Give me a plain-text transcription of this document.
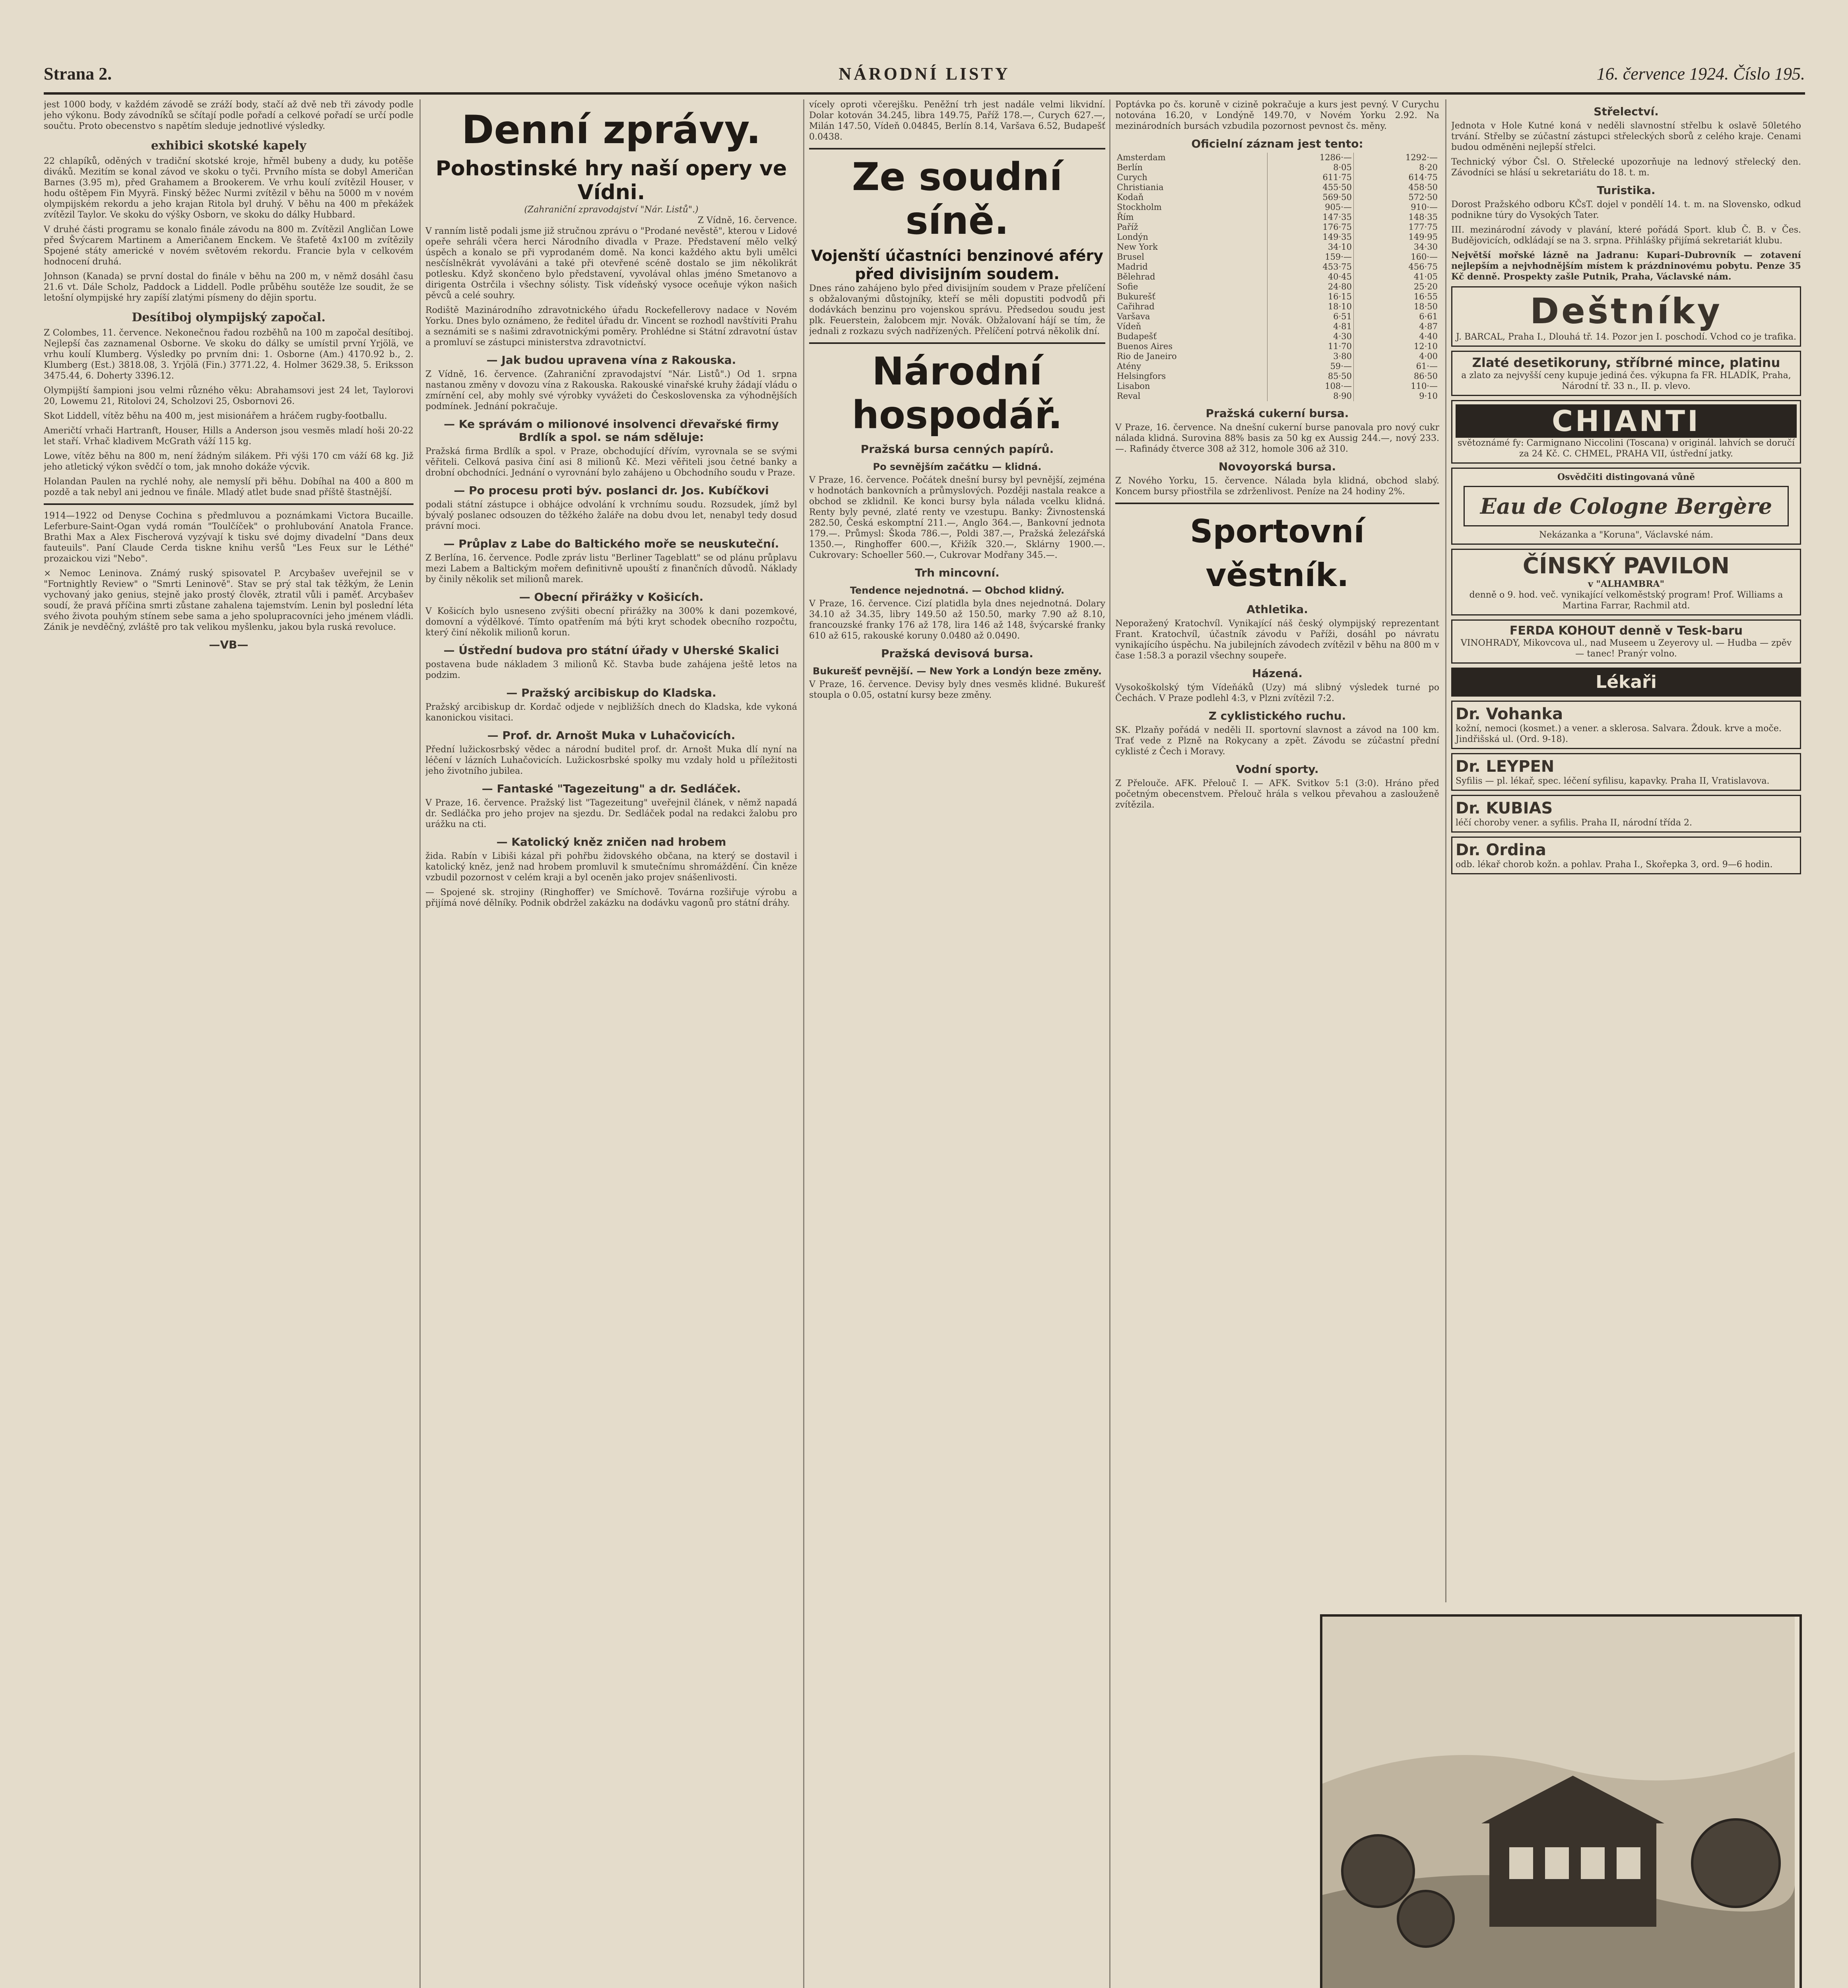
Strana 2.	NÁRODNÍ LISTY	16. července 1924. Číslo 195.

jest 1000 body, v každém závodě se zráží body, stačí až dvě neb tři závody podle jeho výkonu. Body závodníků se sčítají podle pořadí a celkové pořadí se určí podle součtu. Proto obecenstvo s napětím sleduje jednotlivé výsledky.

exhibici skotské kapely

22 chlapíků, oděných v tradiční skotské kroje, hřměl bubeny a dudy, ku potěše diváků. Mezitím se konal závod ve skoku o tyči. Prvního místa se dobyl Američan Barnes (3.95 m), před Grahamem a Brookerem. Ve vrhu koulí zvítězil Houser, v hodu oštěpem Fin Myyrä. Finský běžec Nurmi zvítězil v běhu na 5000 m v novém olympijském rekordu a jeho krajan Ritola byl druhý. V běhu na 400 m překážek zvítězil Taylor. Ve skoku do výšky Osborn, ve skoku do dálky Hubbard.

V druhé části programu se konalo finále závodu na 800 m. Zvítězil Angličan Lowe před Švýcarem Martinem a Američanem Enckem. Ve štafetě 4x100 m zvítězily Spojené státy americké v novém světovém rekordu. Francie byla v celkovém hodnocení druhá.

Johnson (Kanada) se první dostal do finále v běhu na 200 m, v němž dosáhl času 21.6 vt. Dále Scholz, Paddock a Liddell. Podle průběhu soutěže lze soudit, že se letošní olympijské hry zapíší zlatými písmeny do dějin sportu.

Desítiboj olympijský započal.

Z Colombes, 11. července. Nekonečnou řadou rozběhů na 100 m započal desítiboj. Nejlepší čas zaznamenal Osborne. Ve skoku do dálky se umístil první Yrjölä, ve vrhu koulí Klumberg. Výsledky po prvním dni: 1. Osborne (Am.) 4170.92 b., 2. Klumberg (Est.) 3818.08, 3. Yrjölä (Fin.) 3771.22, 4. Holmer 3629.38, 5. Eriksson 3475.44, 6. Doherty 3396.12.

Olympijští šampioni jsou velmi různého věku: Abrahamsovi jest 24 let, Taylorovi 20, Lowemu 21, Ritolovi 24, Scholzovi 25, Osbornovi 26.

Skot Liddell, vítěz běhu na 400 m, jest misionářem a hráčem rugby-footballu.

Američtí vrhači Hartranft, Houser, Hills a Anderson jsou vesměs mladí hoši 20-22 let staří. Vrhač kladivem McGrath váží 115 kg.

Lowe, vítěz běhu na 800 m, není žádným silákem. Při výši 170 cm váží 68 kg. Již jeho atletický výkon svědčí o tom, jak mnoho dokáže výcvik.

Holandan Paulen na rychlé nohy, ale nemyslí při běhu. Dobíhal na 400 a 800 m pozdě a tak nebyl ani jednou ve finále. Mladý atlet bude snad příště štastnější.

1914—1922 od Denyse Cochina s předmluvou a poznámkami Victora Bucaille. Leferbure-Saint-Ogan vydá román "Toulčíček" o prohlubování Anatola France. Brathi Max a Alex Fischerová vyzývají k tisku své dojmy divadelní "Dans deux fauteuils". Paní Claude Cerda tiskne knihu veršů "Les Feux sur le Léthé" prozaickou vizi "Nebo".

× Nemoc Leninova. Známý ruský spisovatel P. Arcybašev uveřejnil se v "Fortnightly Review" o "Smrti Leninově". Stav se prý stal tak těžkým, že Lenin vychovaný jako genius, stejně jako prostý člověk, ztratil vůli i paměť. Arcybašev soudí, že pravá příčina smrti zůstane zahalena tajemstvím. Lenin byl poslední léta svého života pouhým stínem sebe sama a jeho spolupracovníci jeho jménem vládli. Zánik je nevděčný, zvláště pro tak velikou myšlenku, jakou byla ruská revoluce.

—VB—
Denní zprávy.
Pohostinské hry naší opery ve Vídni.
(Zahraniční zpravodajství "Nár. Listů".)
Z Vídně, 16. července.

V ranním listě podali jsme již stručnou zprávu o "Prodané nevěstě", kterou v Lidové opeře sehráli včera herci Národního divadla v Praze. Představení mělo velký úspěch a konalo se při vyprodaném domě. Na konci každého aktu byli umělci nesčíslněkrát vyvoláváni a také při otevřené scéně dostalo se jim několikrát potlesku. Když skončeno bylo představení, vyvolával ohlas jméno Smetanovo a dirigenta Ostrčila i všechny sólisty. Tisk vídeňský vysoce oceňuje výkon našich pěvců a celé souhry.

Rodiště Mazinárodního zdravotnického úřadu Rockefellerovy nadace v Novém Yorku. Dnes bylo oznámeno, že ředitel úřadu dr. Vincent se rozhodl navštíviti Prahu a seznámiti se s našimi zdravotnickými poměry. Prohlédne si Státní zdravotní ústav a promluví se zástupci ministerstva zdravotnictví.

— Jak budou upravena vína z Rakouska.

Z Vídně, 16. července. (Zahraniční zpravodajství "Nár. Listů".) Od 1. srpna nastanou změny v dovozu vína z Rakouska. Rakouské vinařské kruhy žádají vládu o zmírnění cel, aby mohly své výrobky vyvážeti do Československa za výhodnějších podmínek. Jednání pokračuje.

— Ke správám o milionové insolvenci dřevařské firmy Brdlík a spol. se nám sděluje:

Pražská firma Brdlík a spol. v Praze, obchodující dřívím, vyrovnala se se svými věřiteli. Celková pasiva činí asi 8 milionů Kč. Mezi věřiteli jsou četné banky a drobní obchodníci. Jednání o vyrovnání bylo zahájeno u Obchodního soudu v Praze.

— Po procesu proti býv. poslanci dr. Jos. Kubíčkovi

podali státní zástupce i obhájce odvolání k vrchnímu soudu. Rozsudek, jímž byl bývalý poslanec odsouzen do těžkého žaláře na dobu dvou let, nenabyl tedy dosud právní moci.

— Průplav z Labe do Baltického moře se neuskuteční.

Z Berlína, 16. července. Podle zpráv listu "Berliner Tageblatt" se od plánu průplavu mezi Labem a Baltickým mořem definitivně upouští z finančních důvodů. Náklady by činily několik set milionů marek.

— Obecní přirážky v Košicích.

V Košicích bylo usneseno zvýšiti obecní přirážky na 300% k dani pozemkové, domovní a výdělkové. Tímto opatřením má býti kryt schodek obecního rozpočtu, který činí několik milionů korun.

— Ústřední budova pro státní úřady v Uherské Skalici

postavena bude nákladem 3 milionů Kč. Stavba bude zahájena ještě letos na podzim.

— Pražský arcibiskup do Kladska.

Pražský arcibiskup dr. Kordač odjede v nejbližších dnech do Kladska, kde vykoná kanonickou visitaci.

— Prof. dr. Arnošt Muka v Luhačovicích.

Přední lužickosrbský vědec a národní buditel prof. dr. Arnošt Muka dlí nyní na léčení v lázních Luhačovicích. Lužickosrbské spolky mu vzdaly hold u příležitosti jeho životního jubilea.

— Fantaské "Tagezeitung" a dr. Sedláček.

V Praze, 16. července. Pražský list "Tagezeitung" uveřejnil článek, v němž napadá dr. Sedláčka pro jeho projev na sjezdu. Dr. Sedláček podal na redakci žalobu pro urážku na cti.

— Katolický kněz zničen nad hrobem

žida. Rabín v Libiši kázal při pohřbu židovského občana, na který se dostavil i katolický kněz, jenž nad hrobem promluvil k smutečnímu shromáždění. Čin kněze vzbudil pozornost v celém kraji a byl oceněn jako projev snášenlivosti.

— Spojené sk. strojiny (Ringhoffer) ve Smíchově. Továrna rozšiřuje výrobu a přijímá nové dělníky. Podnik obdržel zakázku na dodávku vagonů pro státní dráhy.

vícely oproti včerejšku. Peněžní trh jest nadále velmi likvidní. Dolar kotován 34.245, libra 149.75, Paříž 178.—, Curych 627.—, Milán 147.50, Vídeň 0.04845, Berlín 8.14, Varšava 6.52, Budapešť 0.0438.

Ze soudní síně.
Vojenští účastníci benzinové aféry před divisijním soudem.

Dnes ráno zahájeno bylo před divisijním soudem v Praze přelíčení s obžalovanými důstojníky, kteří se měli dopustiti podvodů při dodávkách benzinu pro vojenskou správu. Předsedou soudu jest plk. Feuerstein, žalobcem mjr. Novák. Obžalovaní hájí se tím, že jednali z rozkazu svých nadřízených. Přelíčení potrvá několik dní.

Národní hospodář.
Pražská bursa cenných papírů.
Po sevnějším začátku — klidná.

V Praze, 16. července. Počátek dnešní bursy byl pevnější, zejména v hodnotách bankovních a průmyslových. Později nastala reakce a obchod se zklidnil. Ke konci bursy byla nálada vcelku klidná. Renty byly pevné, zlaté renty ve vzestupu. Banky: Živnostenská 282.50, Česká eskomptní 211.—, Anglo 364.—, Bankovní jednota 179.—. Průmysl: Škoda 786.—, Poldi 387.—, Pražská železářská 1350.—, Ringhoffer 600.—, Křižík 320.—, Sklárny 1900.—. Cukrovary: Schoeller 560.—, Cukrovar Modřany 345.—.

Trh mincovní.
Tendence nejednotná. — Obchod klidný.

V Praze, 16. července. Cizí platidla byla dnes nejednotná. Dolary 34.10 až 34.35, libry 149.50 až 150.50, marky 7.90 až 8.10, francouzské franky 176 až 178, lira 146 až 148, švýcarské franky 610 až 615, rakouské koruny 0.0480 až 0.0490.

Pražská devisová bursa.
Bukurešť pevnější. — New York a Londýn beze změny.

V Praze, 16. července. Devisy byly dnes vesměs klidné. Bukurešť stoupla o 0.05, ostatní kursy beze změny.

Poptávka po čs. koruně v cizině pokračuje a kurs jest pevný. V Curychu notována 16.20, v Londýně 149.70, v Novém Yorku 2.92. Na mezinárodních bursách vzbudila pozornost pevnost čs. měny.

Oficielní záznam jest tento:
Amsterdam	1286·—	1292·—
Berlín	8·05	8·20
Curych	611·75	614·75
Christiania	455·50	458·50
Kodaň	569·50	572·50
Stockholm	905·—	910·—
Řím	147·35	148·35
Paříž	176·75	177·75
Londýn	149·35	149·95
New York	34·10	34·30
Brusel	159·—	160·—
Madrid	453·75	456·75
Bělehrad	40·45	41·05
Sofie	24·80	25·20
Bukurešť	16·15	16·55
Cařihrad	18·10	18·50
Varšava	6·51	6·61
Vídeň	4·81	4·87
Budapešť	4·30	4·40
Buenos Aires	11·70	12·10
Rio de Janeiro	3·80	4·00
Atény	59·—	61·—
Helsingfors	85·50	86·50
Lisabon	108·—	110·—
Reval	8·90	9·10
Pražská cukerní bursa.

V Praze, 16. července. Na dnešní cukerní burse panovala pro nový cukr nálada klidná. Surovina 88% basis za 50 kg ex Aussig 244.—, nový 233.—. Rafinády čtverce 308 až 312, homole 306 až 310.

Novoyorská bursa.

Z Nového Yorku, 15. července. Nálada byla klidná, obchod slabý. Koncem bursy přiostřila se zdrženlivost. Peníze na 24 hodiny 2%.

Sportovní věstník.
Athletika.

Neporažený Kratochvíl. Vynikající náš český olympijský reprezentant Frant. Kratochvíl, účastník závodu v Paříži, dosáhl po návratu vynikajícího úspěchu. Na jubilejních závodech zvítězil v běhu na 800 m v čase 1:58.3 a porazil všechny soupeře.

Házená.

Vysokoškolský tým Vídeňáků (Uzy) má slibný výsledek turné po Čechách. V Praze podlehl 4:3, v Plzni zvítězil 7:2.

Z cyklistického ruchu.

SK. Plzaňy pořádá v neděli II. sportovní slavnost a závod na 100 km. Trať vede z Plzně na Rokycany a zpět. Závodu se zúčastní přední cyklisté z Čech i Moravy.

Vodní sporty.

Z Přelouče. AFK. Přelouč I. — AFK. Svitkov 5:1 (3:0). Hráno před početným obecenstvem. Přelouč hrála s velkou převahou a zaslouženě zvítězila.

Střelectví.

Jednota v Hole Kutné koná v neděli slavnostní střelbu k oslavě 50letého trvání. Střelby se zúčastní zástupci střeleckých sborů z celého kraje. Cenami budou odměněni nejlepší střelci.

Technický výbor Čsl. O. Střelecké upozorňuje na lednový střelecký den. Závodníci se hlásí u sekretariátu do 18. t. m.

Turistika.

Dorost Pražského odboru KČsT. dojel v pondělí 14. t. m. na Slovensko, odkud podnikne túry do Vysokých Tater.

III. mezinárodní závody v plavání, které pořádá Sport. klub Č. B. v Čes. Budějovicích, odkládají se na 3. srpna. Přihlášky přijímá sekretariát klubu.

Největší mořské lázně na Jadranu: Kupari–Dubrovník — zotavení nejlepším a nejvhodnějším místem k prázdninovému pobytu. Penze 35 Kč denně. Prospekty zašle Putnik, Praha, Václavské nám.

Deštníky
J. BARCAL, Praha I., Dlouhá tř. 14. Pozor jen I. poschodí. Vchod co je trafika.
Zlaté desetikoruny, stříbrné mince, platinu
a zlato za nejvyšší ceny kupuje jediná čes. výkupna fa FR. HLADÍK, Praha, Národní tř. 33 n., II. p. vlevo.
CHIANTI
světoznámé fy: Carmignano Niccolini (Toscana) v originál. lahvích se doručí za 24 Kč. C. CHMEL, PRAHA VII, ústřední jatky.
Osvědčiti distingovaná vůně
Eau de Cologne Bergère
Nekázanka a "Koruna", Václavské nám.
ČÍNSKÝ PAVILON
v "ALHAMBRA"
denně o 9. hod. več. vynikající velkoměstský program! Prof. Williams a Martina Farrar, Rachmil atd.
FERDA KOHOUT denně v Tesk-baru
VINOHRADY, Mikovcova ul., nad Museem u Zeyerovy ul. — Hudba — zpěv — tanec! Pranýr volno.
Lékaři
Dr. Vohanka
kožní, nemoci (kosmet.) a vener. a sklerosa. Salvara. Ždouk. krve a moče. Jindřišská ul. (Ord. 9-18).
Dr. LEYPEN
Syfilis — pl. lékař, spec. léčení syfilisu, kapavky. Praha II, Vratislavova.
Dr. KUBIAS
léčí choroby vener. a syfilis. Praha II, národní třída 2.
Dr. Ordina
odb. lékař chorob kožn. a pohlav. Praha I., Skořepka 3, ord. 9—6 hodin.
